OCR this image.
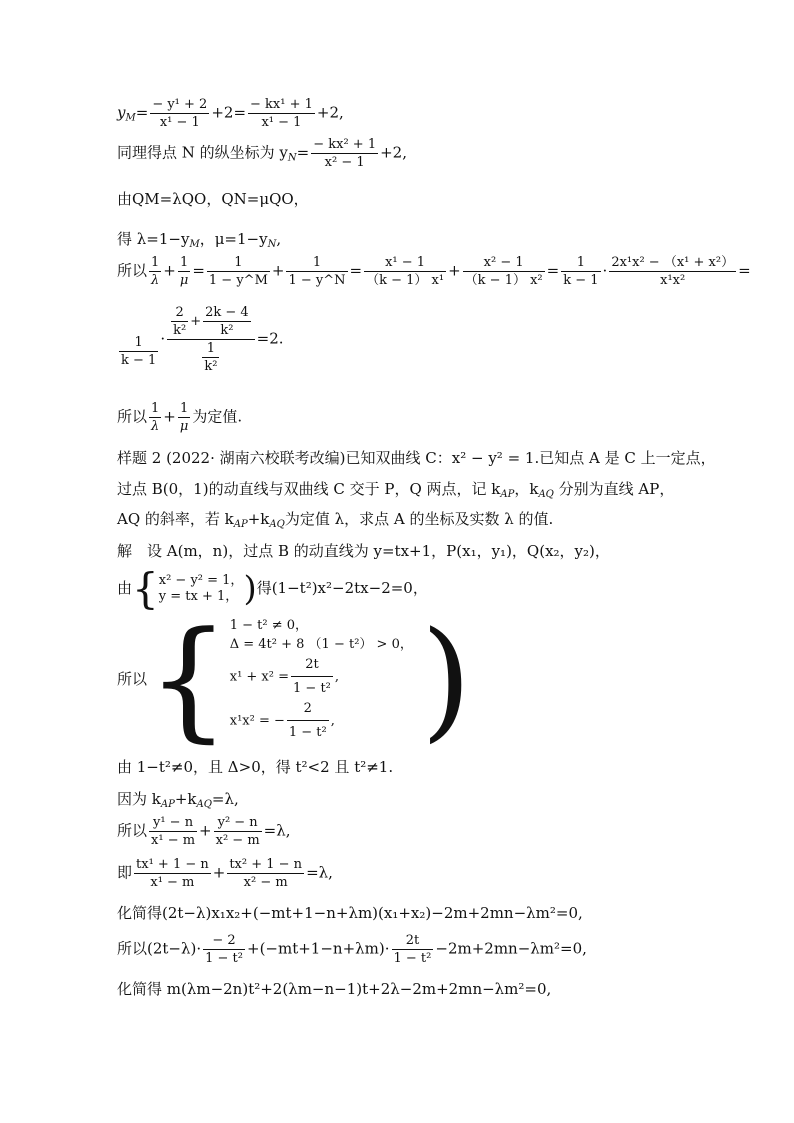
$y_M= \frac{\text{− y¹ + 2}}{\text{x¹ − 1}} +2= \frac{\text{− kx¹ + 1}}{\text{x¹ − 1}} +2$,
同理得点 N 的纵坐标为 $y_N= \frac{\text{− kx² + 1}}{\text{x² − 1}} +2$,
由QM=λQO，QN=μQO，
得 $\lambda=1-y_M$，$\mu=1-y_N$,
所以 $\frac{1}{\lambda} + \frac{1}{\mu} = \frac{1}{1 - y\^{}M} + \frac{1}{1 - y\^{}N} = \frac{\text{x¹ − 1}}{\text{（k − 1） x¹}} + \frac{\text{x² − 1}}{\text{（k − 1） x²}} = \frac{1}{k - 1} \cdot \frac{\text{2x¹x² − （x¹ + x²）}}{\text{x¹x²}}$ =
$\frac{1}{k - 1} \cdot \frac{\frac{2}{\text{k²}} + \frac{2k - 4}{\text{k²}}}{\frac{1}{\text{k²}}} =2$.
所以 $\frac{1}{\lambda} + \frac{1}{\mu}$ 为定值.
样题 2 (2022· 湖南六校联考改编)已知双曲线 C：x² − y² = 1.已知点 A 是 C 上一定点，
过点 B(0，1)的动直线与双曲线 C 交于 P，Q 两点，记 $k_{AP}$，$k_{AQ}$ 分别为直线 AP，
AQ 的斜率，若 $k_{AP}+k_{AQ}$为定值 λ，求点 A 的坐标及实数 λ 的值.
解　设 A(m，n)，过点 B 的动直线为 y=tx+1，P(x₁，y₁)，Q(x₂，y₂)，
由{ x² − y² = 1，
y = tx + 1， )得(1−t²)x²−2tx−2=0，
所以{ 1 − t² ≠ 0，
Δ = 4t² + 8 （1 − t²） > 0，
$x^1 + x^2 = \frac{2t}{\text{1 − t²}}$ ,
x¹x² = − $\frac{2}{\text{1 − t²}}$ , )
由 1−t²≠0，且 Δ>0，得 t²<2 且 t²≠1.
因为 $k_{AP}+k_{AQ}=\lambda$,
所以 $\frac{\text{y¹ − n}}{\text{x¹ − m}} + \frac{\text{y² − n}}{\text{x² − m}} =\lambda$,
即 $\frac{\text{tx¹ + 1 − n}}{\text{x¹ − m}} + \frac{\text{tx² + 1 − n}}{\text{x² − m}} =\lambda$,
化简得(2t−λ)x₁x₂+(−mt+1−n+λm)(x₁+x₂)−2m+2mn−λm²=0,
所以$(2t-\lambda)\cdot \frac{- 2}{\text{1 − t²}} +(-mt+1-n+\lambda m)\cdot \frac{2t}{\text{1 − t²}} -2m+2mn-\lambda m^2=0$,
化简得 m(λm−2n)t²+2(λm−n−1)t+2λ−2m+2mn−λm²=0,
